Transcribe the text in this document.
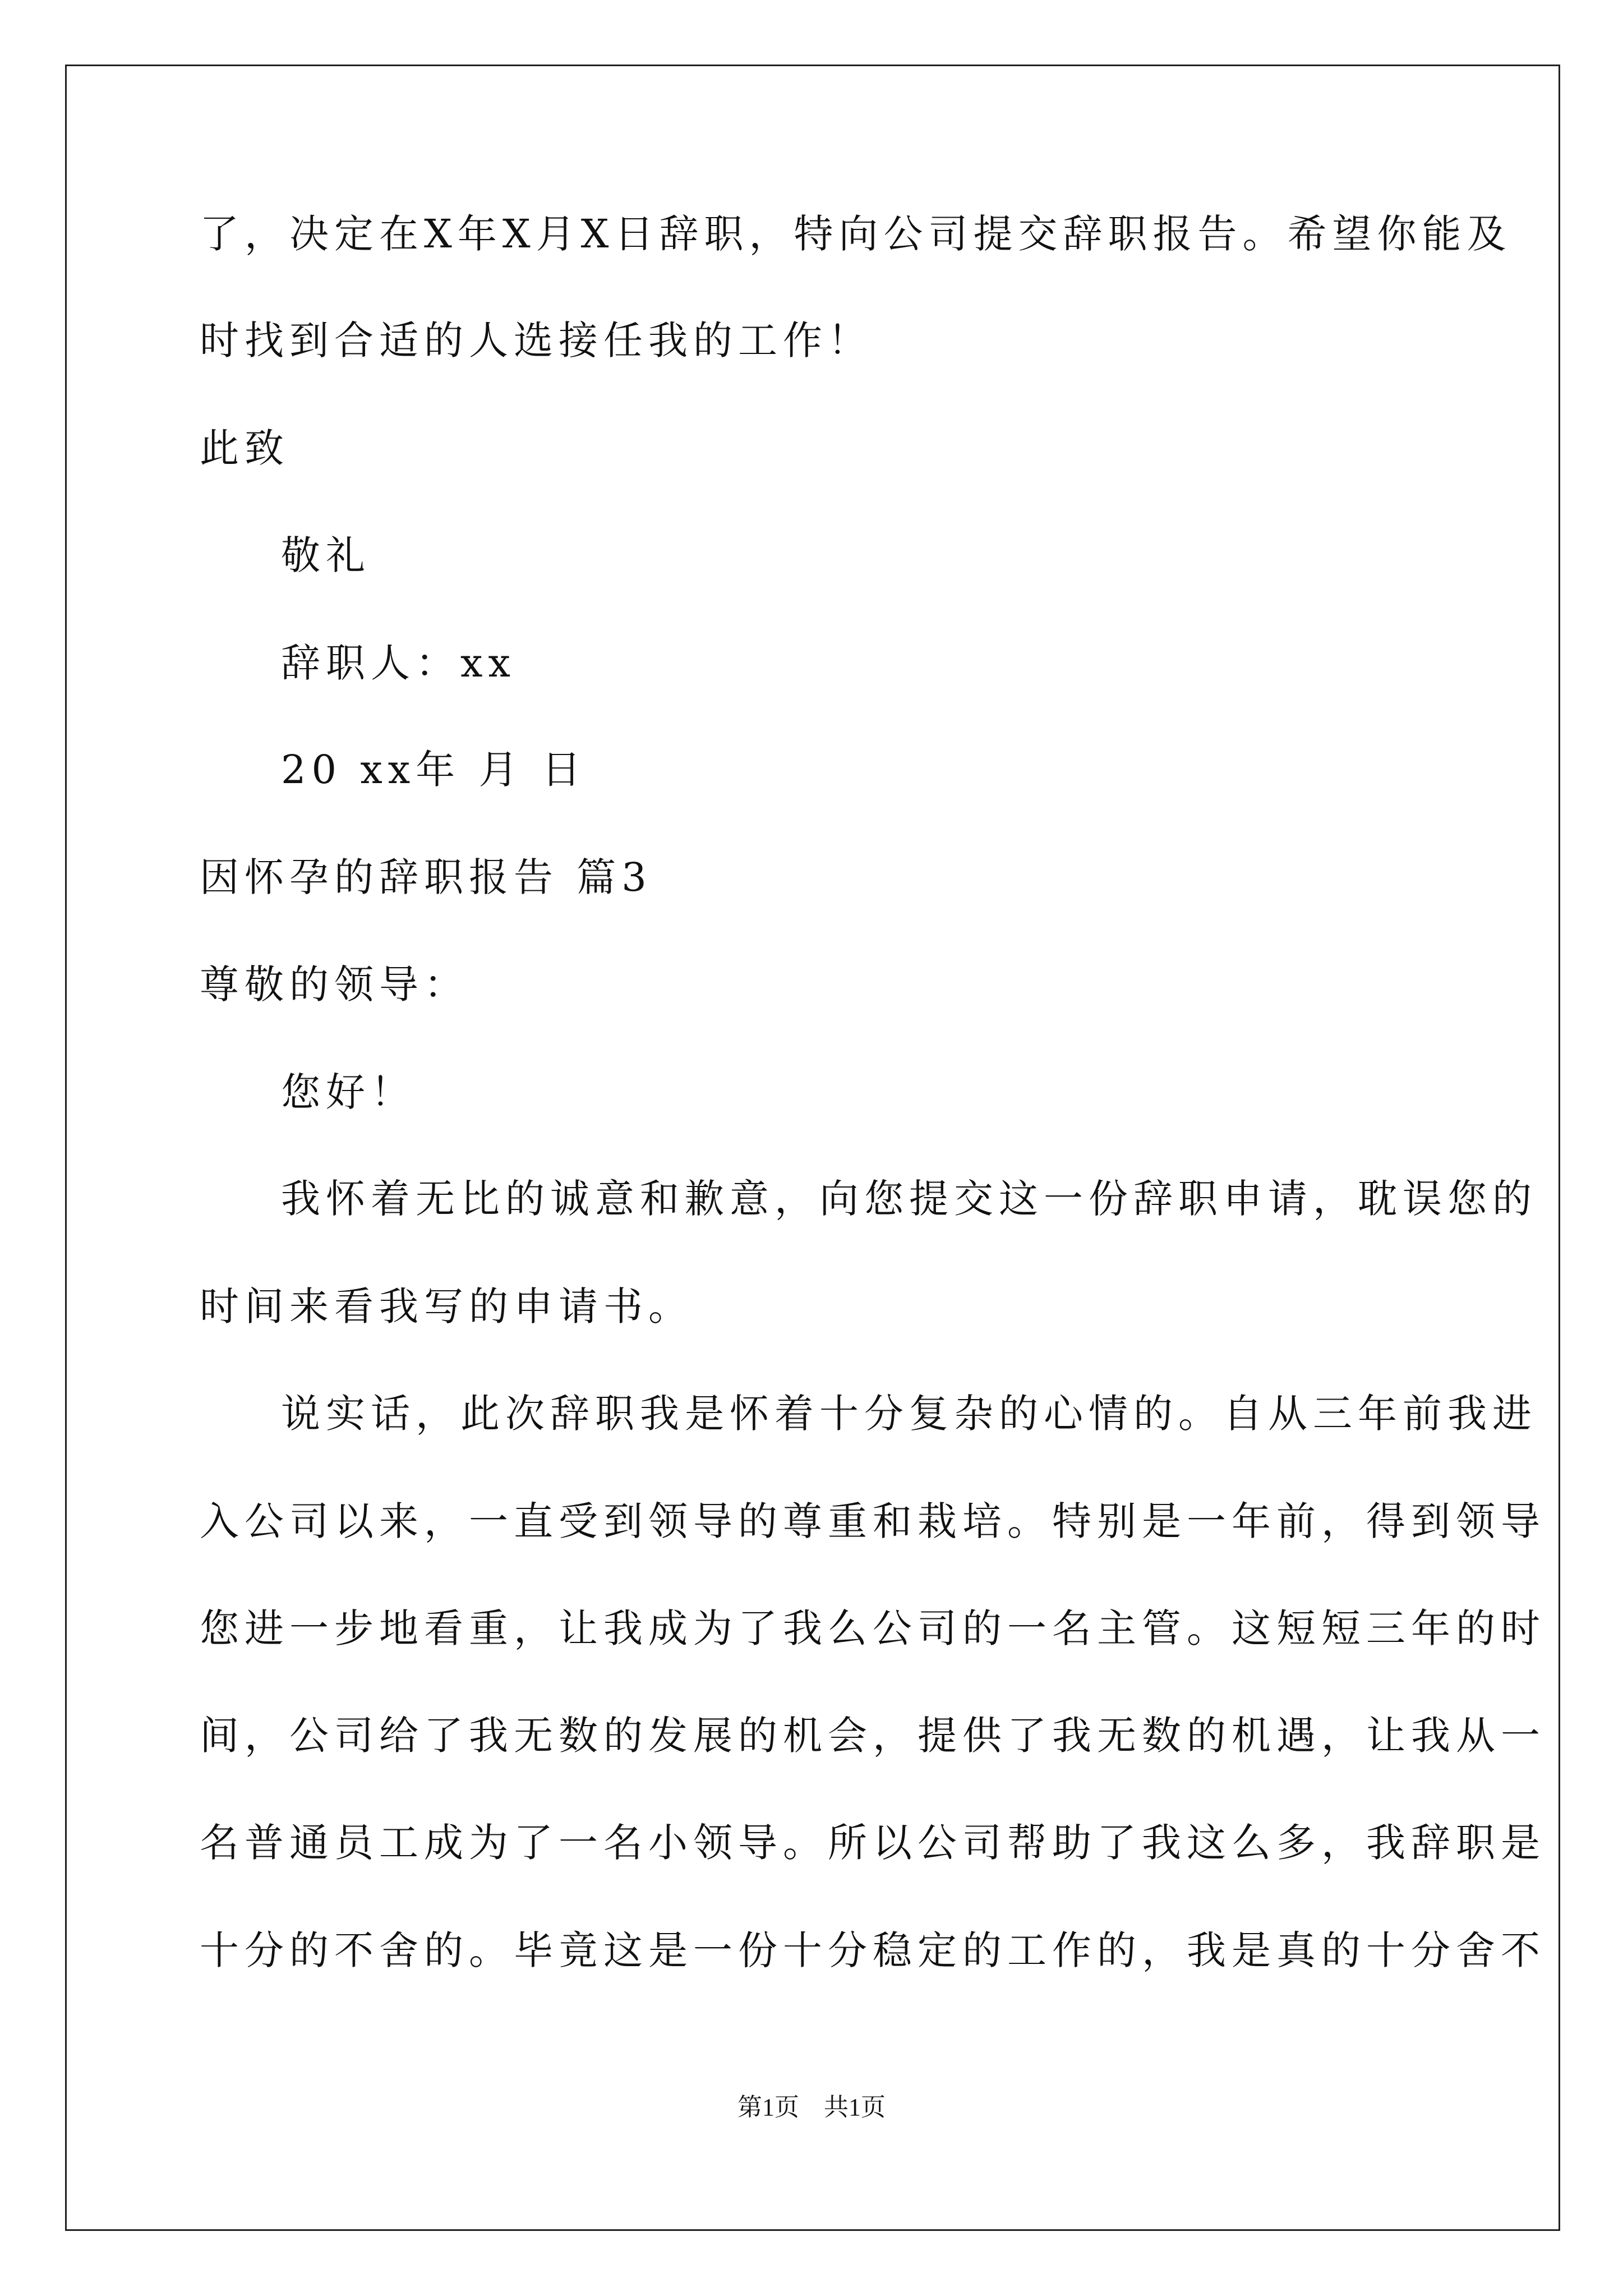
了，决定在X年X月X日辞职，特向公司提交辞职报告。希望你能及
时找到合适的人选接任我的工作！
此致
敬礼
辞职人：xx
20 xx年 月 日
因怀孕的辞职报告 篇3
尊敬的领导：
您好！
我怀着无比的诚意和歉意，向您提交这一份辞职申请，耽误您的
时间来看我写的申请书。
说实话，此次辞职我是怀着十分复杂的心情的。自从三年前我进
入公司以来，一直受到领导的尊重和栽培。特别是一年前，得到领导
您进一步地看重，让我成为了我么公司的一名主管。这短短三年的时
间，公司给了我无数的发展的机会，提供了我无数的机遇，让我从一
名普通员工成为了一名小领导。所以公司帮助了我这么多，我辞职是
十分的不舍的。毕竟这是一份十分稳定的工作的，我是真的十分舍不
第1页　共1页
